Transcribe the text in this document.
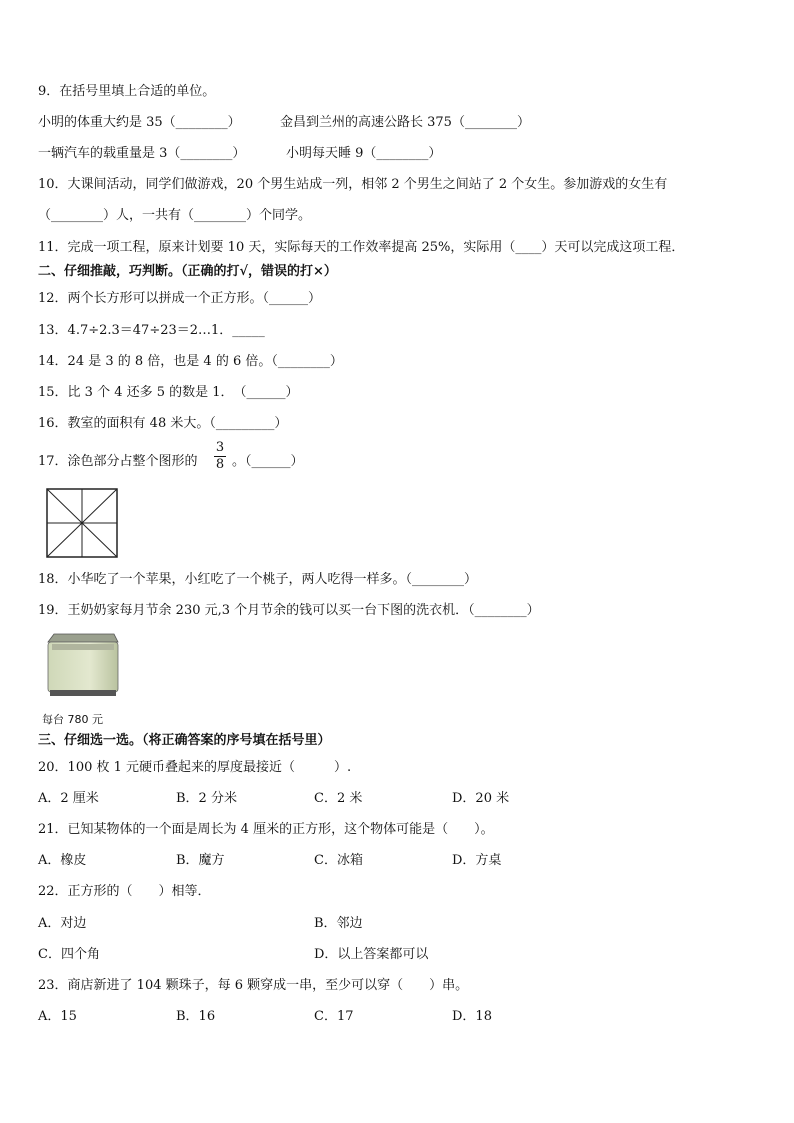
9．在括号里填上合适的单位。
小明的体重大约是 35（________）	金昌到兰州的高速公路长 375（________）
一辆汽车的载重量是 3（________）	小明每天睡 9（________）
10．大课间活动，同学们做游戏，20 个男生站成一列，相邻 2 个男生之间站了 2 个女生。参加游戏的女生有
（________）人，一共有（________）个同学。
11．完成一项工程，原来计划要 10 天，实际每天的工作效率提高 25%，实际用（____）天可以完成这项工程．
二、仔细推敲，巧判断。（正确的打√，错误的打×）
12．两个长方形可以拼成一个正方形。（______）
13．4.7÷2.3＝47÷23＝2…1．_____
14．24 是 3 的 8 倍，也是 4 的 6 倍。（________）
15．比 3 个 4 还多 5 的数是 1．　（______）
16．教室的面积有 48 米大。（_________）
17．涂色部分占整个图形的
3
8 。（______）
18．小华吃了一个苹果，小红吃了一个桃子，两人吃得一样多。（________）
19．王奶奶家每月节余 230 元,3 个月节余的钱可以买一台下图的洗衣机．（________）
每台 780 元
三、仔细选一选。（将正确答案的序号填在括号里）
20．100 枚 1 元硬币叠起来的厚度最接近（　　　）.
A．2 厘米	B．2 分米	C．2 米	D．20 米
21．已知某物体的一个面是周长为 4 厘米的正方形，这个物体可能是（　　）。
A．橡皮	B．魔方	C．冰箱	D．方桌
22．正方形的（　　）相等．
A．对边	B．邻边
C．四个角	D．以上答案都可以
23．商店新进了 104 颗珠子，每 6 颗穿成一串，至少可以穿（　　）串。
A．15	B．16	C．17	D．18
